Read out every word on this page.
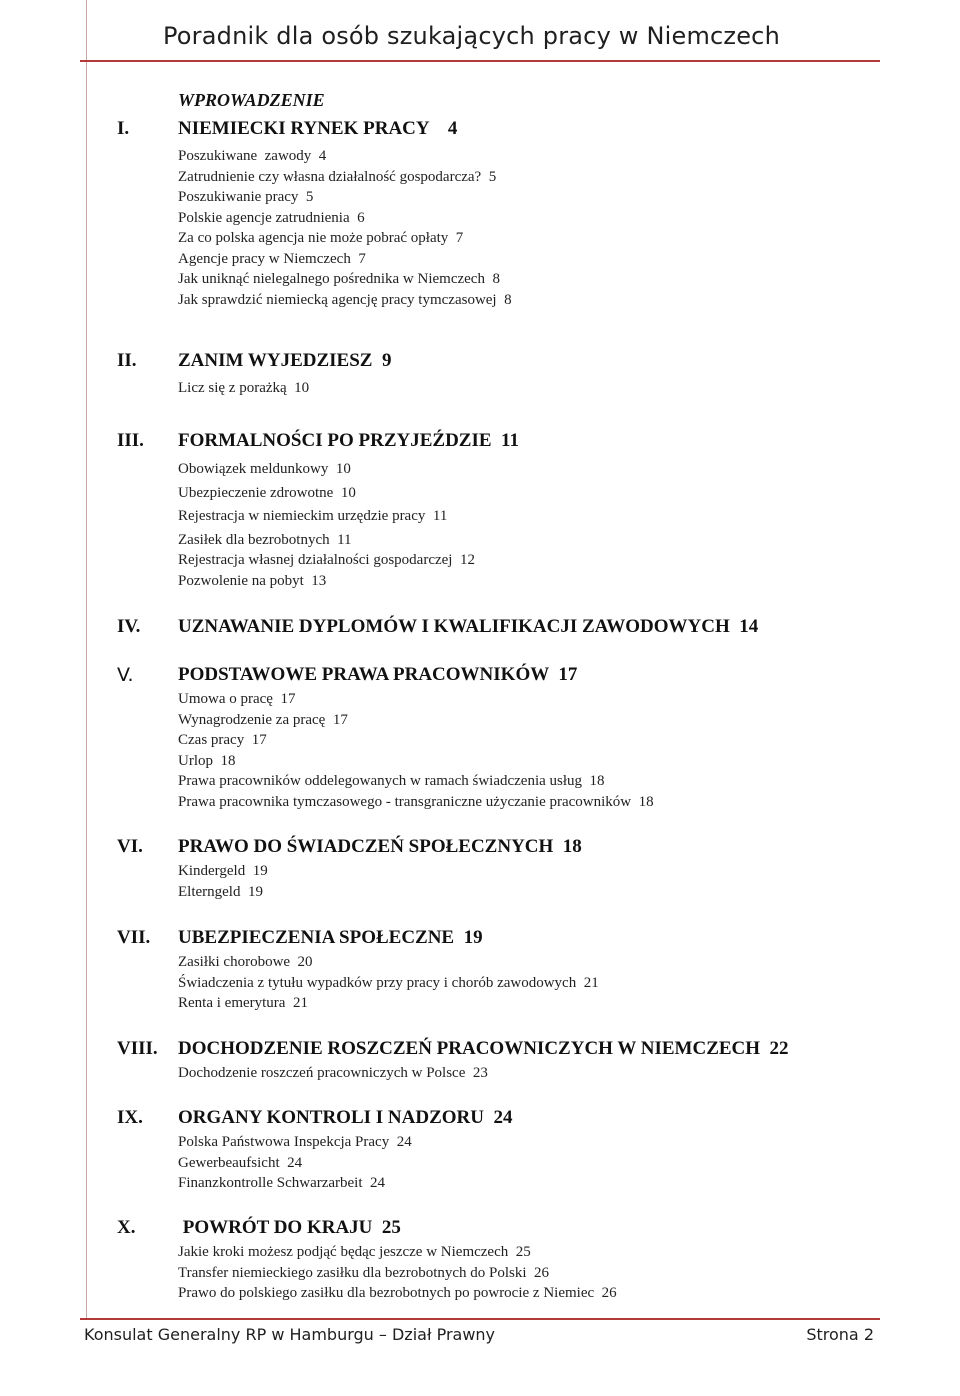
Poradnik dla osób szukających pracy w Niemczech
WPROWADZENIE
I.	NIEMIECKI RYNEK PRACY    4
Poszukiwane  zawody  4
Zatrudnienie czy własna działalność gospodarcza?  5
Poszukiwanie pracy  5
Polskie agencje zatrudnienia  6
Za co polska agencja nie może pobrać opłaty  7
Agencje pracy w Niemczech  7
Jak uniknąć nielegalnego pośrednika w Niemczech  8
Jak sprawdzić niemiecką agencję pracy tymczasowej  8
II. ZANIM WYJEDZIESZ  9
Licz się z porażką  10
III. FORMALNOŚCI PO PRZYJEŹDZIE  11
Obowiązek meldunkowy  10
Ubezpieczenie zdrowotne  10
Rejestracja w niemieckim urzędzie pracy  11
Zasiłek dla bezrobotnych  11
Rejestracja własnej działalności gospodarczej  12
Pozwolenie na pobyt  13
IV. UZNAWANIE DYPLOMÓW I KWALIFIKACJI ZAWODOWYCH  14
V. PODSTAWOWE PRAWA PRACOWNIKÓW  17
Umowa o pracę  17
Wynagrodzenie za pracę  17
Czas pracy  17
Urlop  18
Prawa pracowników oddelegowanych w ramach świadczenia usług  18
Prawa pracownika tymczasowego - transgraniczne użyczanie pracowników  18
VI. PRAWO DO ŚWIADCZEŃ SPOŁECZNYCH  18
Kindergeld  19
Elterngeld  19
VII. UBEZPIECZENIA SPOŁECZNE  19
Zasiłki chorobowe  20
Świadczenia z tytułu wypadków przy pracy i chorób zawodowych  21
Renta i emerytura  21
VIII. DOCHODZENIE ROSZCZEŃ PRACOWNICZYCH W NIEMCZECH  22
Dochodzenie roszczeń pracowniczych w Polsce  23
IX. ORGANY KONTROLI I NADZORU  24
Polska Państwowa Inspekcja Pracy  24
Gewerbeaufsicht  24
Finanzkontrolle Schwarzarbeit  24
X. POWRÓT DO KRAJU  25
Jakie kroki możesz podjąć będąc jeszcze w Niemczech  25
Transfer niemieckiego zasiłku dla bezrobotnych do Polski  26
Prawo do polskiego zasiłku dla bezrobotnych po powrocie z Niemiec  26
Konsulat Generalny RP w Hamburgu – Dział Prawny	Strona 2
